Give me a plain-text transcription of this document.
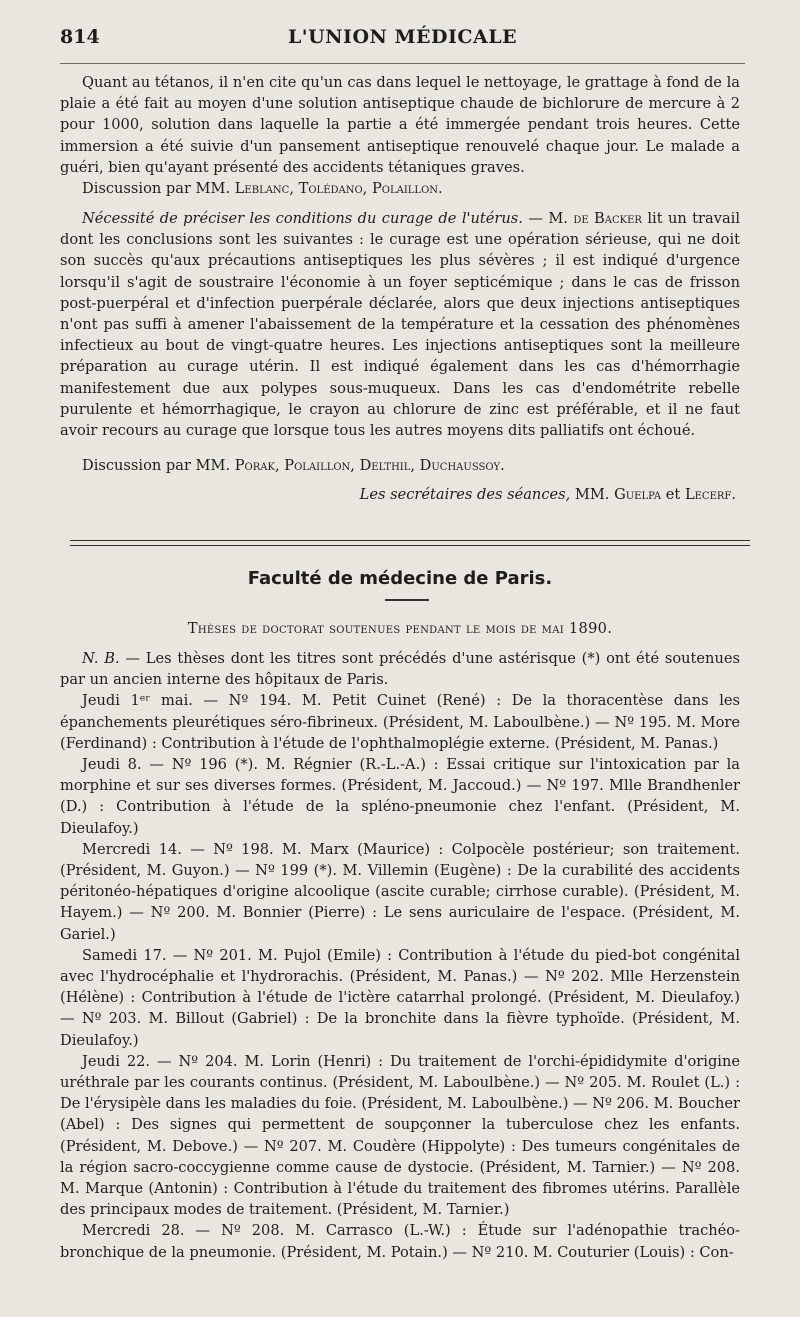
814	L'UNION MÉDICALE

Quant au tétanos, il n'en cite qu'un cas dans lequel le nettoyage, le grattage à fond de la plaie a été fait au moyen d'une solution antiseptique chaude de bichlorure de mercure à 2 pour 1000, solution dans laquelle la partie a été immergée pendant trois heures. Cette immersion a été suivie d'un pansement antiseptique renouvelé chaque jour. Le malade a guéri, bien qu'ayant présenté des accidents tétaniques graves.

Discussion par MM. Leblanc, Tolédano, Polaillon.

Nécessité de préciser les conditions du curage de l'utérus. — M. de Backer lit un travail dont les conclusions sont les suivantes : le curage est une opération sérieuse, qui ne doit son succès qu'aux précautions antiseptiques les plus sévères ; il est indiqué d'urgence lorsqu'il s'agit de soustraire l'économie à un foyer septicémique ; dans le cas de frisson post-puerpéral et d'infection puerpérale déclarée, alors que deux injections antiseptiques n'ont pas suffi à amener l'abaissement de la température et la cessation des phénomènes infectieux au bout de vingt-quatre heures. Les injections antiseptiques sont la meilleure préparation au curage utérin. Il est indiqué également dans les cas d'hémorrhagie manifestement due aux polypes sous-muqueux. Dans les cas d'endométrite rebelle purulente et hémorrhagique, le crayon au chlorure de zinc est préférable, et il ne faut avoir recours au curage que lorsque tous les autres moyens dits palliatifs ont échoué.

Discussion par MM. Porak, Polaillon, Delthil, Duchaussoy.

Les secrétaires des séances, MM. Guelpa et Lecerf.

Faculté de médecine de Paris.
Thèses de doctorat soutenues pendant le mois de mai 1890.

N. B. — Les thèses dont les titres sont précédés d'une astérisque (*) ont été soutenues par un ancien interne des hôpitaux de Paris.

Jeudi 1ᵉʳ mai. — Nº 194. M. Petit Cuinet (René) : De la thoracentèse dans les épanchements pleurétiques séro-fibrineux. (Président, M. Laboulbène.) — Nº 195. M. More (Ferdinand) : Contribution à l'étude de l'ophthalmoplégie externe. (Président, M. Panas.)

Jeudi 8. — Nº 196 (*). M. Régnier (R.-L.-A.) : Essai critique sur l'intoxication par la morphine et sur ses diverses formes. (Président, M. Jaccoud.) — Nº 197. Mlle Brandhenler (D.) : Contribution à l'étude de la spléno-pneumonie chez l'enfant. (Président, M. Dieulafoy.)

Mercredi 14. — Nº 198. M. Marx (Maurice) : Colpocèle postérieur; son traitement. (Président, M. Guyon.) — Nº 199 (*). M. Villemin (Eugène) : De la curabilité des accidents péritonéo-hépatiques d'origine alcoolique (ascite curable; cirrhose curable). (Président, M. Hayem.) — Nº 200. M. Bonnier (Pierre) : Le sens auriculaire de l'espace. (Président, M. Gariel.)

Samedi 17. — Nº 201. M. Pujol (Emile) : Contribution à l'étude du pied-bot congénital avec l'hydrocéphalie et l'hydrorachis. (Président, M. Panas.) — Nº 202. Mlle Herzenstein (Hélène) : Contribution à l'étude de l'ictère catarrhal prolongé. (Président, M. Dieulafoy.) — Nº 203. M. Billout (Gabriel) : De la bronchite dans la fièvre typhoïde. (Président, M. Dieulafoy.)

Jeudi 22. — Nº 204. M. Lorin (Henri) : Du traitement de l'orchi-épididymite d'origine uréthrale par les courants continus. (Président, M. Laboulbène.) — Nº 205. M. Roulet (L.) : De l'érysipèle dans les maladies du foie. (Président, M. Laboulbène.) — Nº 206. M. Boucher (Abel) : Des signes qui permettent de soupçonner la tuberculose chez les enfants. (Président, M. Debove.) — Nº 207. M. Coudère (Hippolyte) : Des tumeurs congénitales de la région sacro-coccygienne comme cause de dystocie. (Président, M. Tarnier.) — Nº 208. M. Marque (Antonin) : Contribution à l'étude du traitement des fibromes utérins. Parallèle des principaux modes de traitement. (Président, M. Tarnier.)

Mercredi 28. — Nº 208. M. Carrasco (L.-W.) : Étude sur l'adénopathie trachéo-bronchique de la pneumonie. (Président, M. Potain.) — Nº 210. M. Couturier (Louis) : Con-
